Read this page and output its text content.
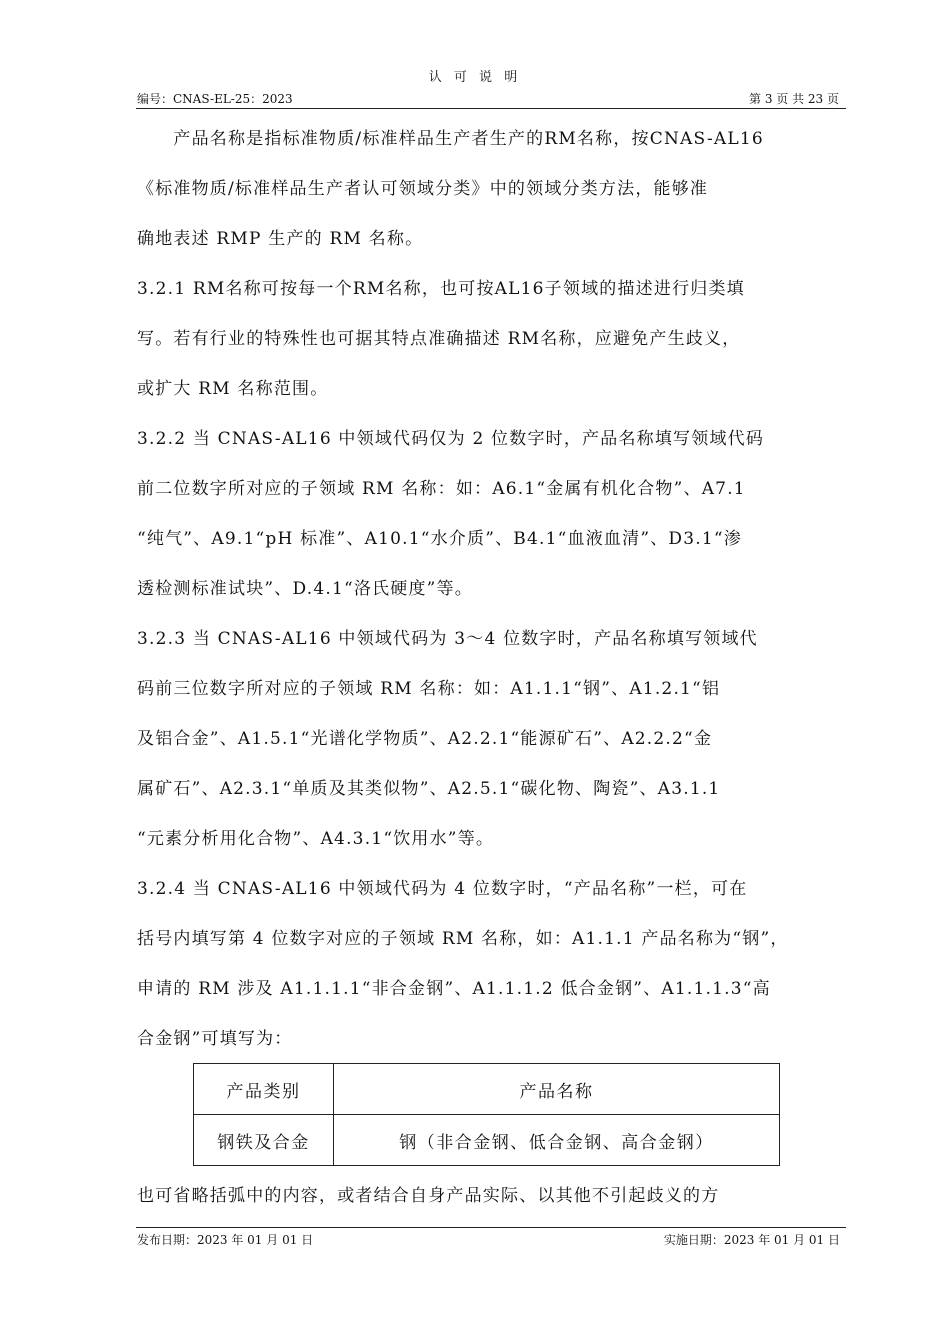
认 可 说 明
编号：CNAS-EL-25：2023	第 3 页 共 23 页
　　产品名称是指标准物质/标准样品生产者生产的RM名称，按CNAS-AL16
《标准物质/标准样品生产者认可领域分类》中的领域分类方法，能够准
确地表述 RMP 生产的 RM 名称。
3.2.1 RM名称可按每一个RM名称，也可按AL16子领域的描述进行归类填
写。若有行业的特殊性也可据其特点准确描述 RM名称，应避免产生歧义，
或扩大 RM 名称范围。
3.2.2 当 CNAS-AL16 中领域代码仅为 2 位数字时，产品名称填写领域代码
前二位数字所对应的子领域 RM 名称：如：A6.1“金属有机化合物”、A7.1
“纯气”、A9.1“pH 标准”、A10.1“水介质”、B4.1“血液血清”、D3.1“渗
透检测标准试块”、D.4.1“洛氏硬度”等。
3.2.3 当 CNAS-AL16 中领域代码为 3～4 位数字时，产品名称填写领域代
码前三位数字所对应的子领域 RM 名称：如：A1.1.1“钢”、A1.2.1“铝
及铝合金”、A1.5.1“光谱化学物质”、A2.2.1“能源矿石”、A2.2.2“金
属矿石”、A2.3.1“单质及其类似物”、A2.5.1“碳化物、陶瓷”、A3.1.1
“元素分析用化合物”、A4.3.1“饮用水”等。
3.2.4 当 CNAS-AL16 中领域代码为 4 位数字时，“产品名称”一栏，可在
括号内填写第 4 位数字对应的子领域 RM 名称，如：A1.1.1 产品名称为“钢”，
申请的 RM 涉及 A1.1.1.1“非合金钢”、A1.1.1.2 低合金钢”、A1.1.1.3“高
合金钢”可填写为：
也可省略括弧中的内容，或者结合自身产品实际、以其他不引起歧义的方
产品类别	产品名称
钢铁及合金	钢（非合金钢、低合金钢、高合金钢）
发布日期：2023 年 01 月 01 日	实施日期：2023 年 01 月 01 日
